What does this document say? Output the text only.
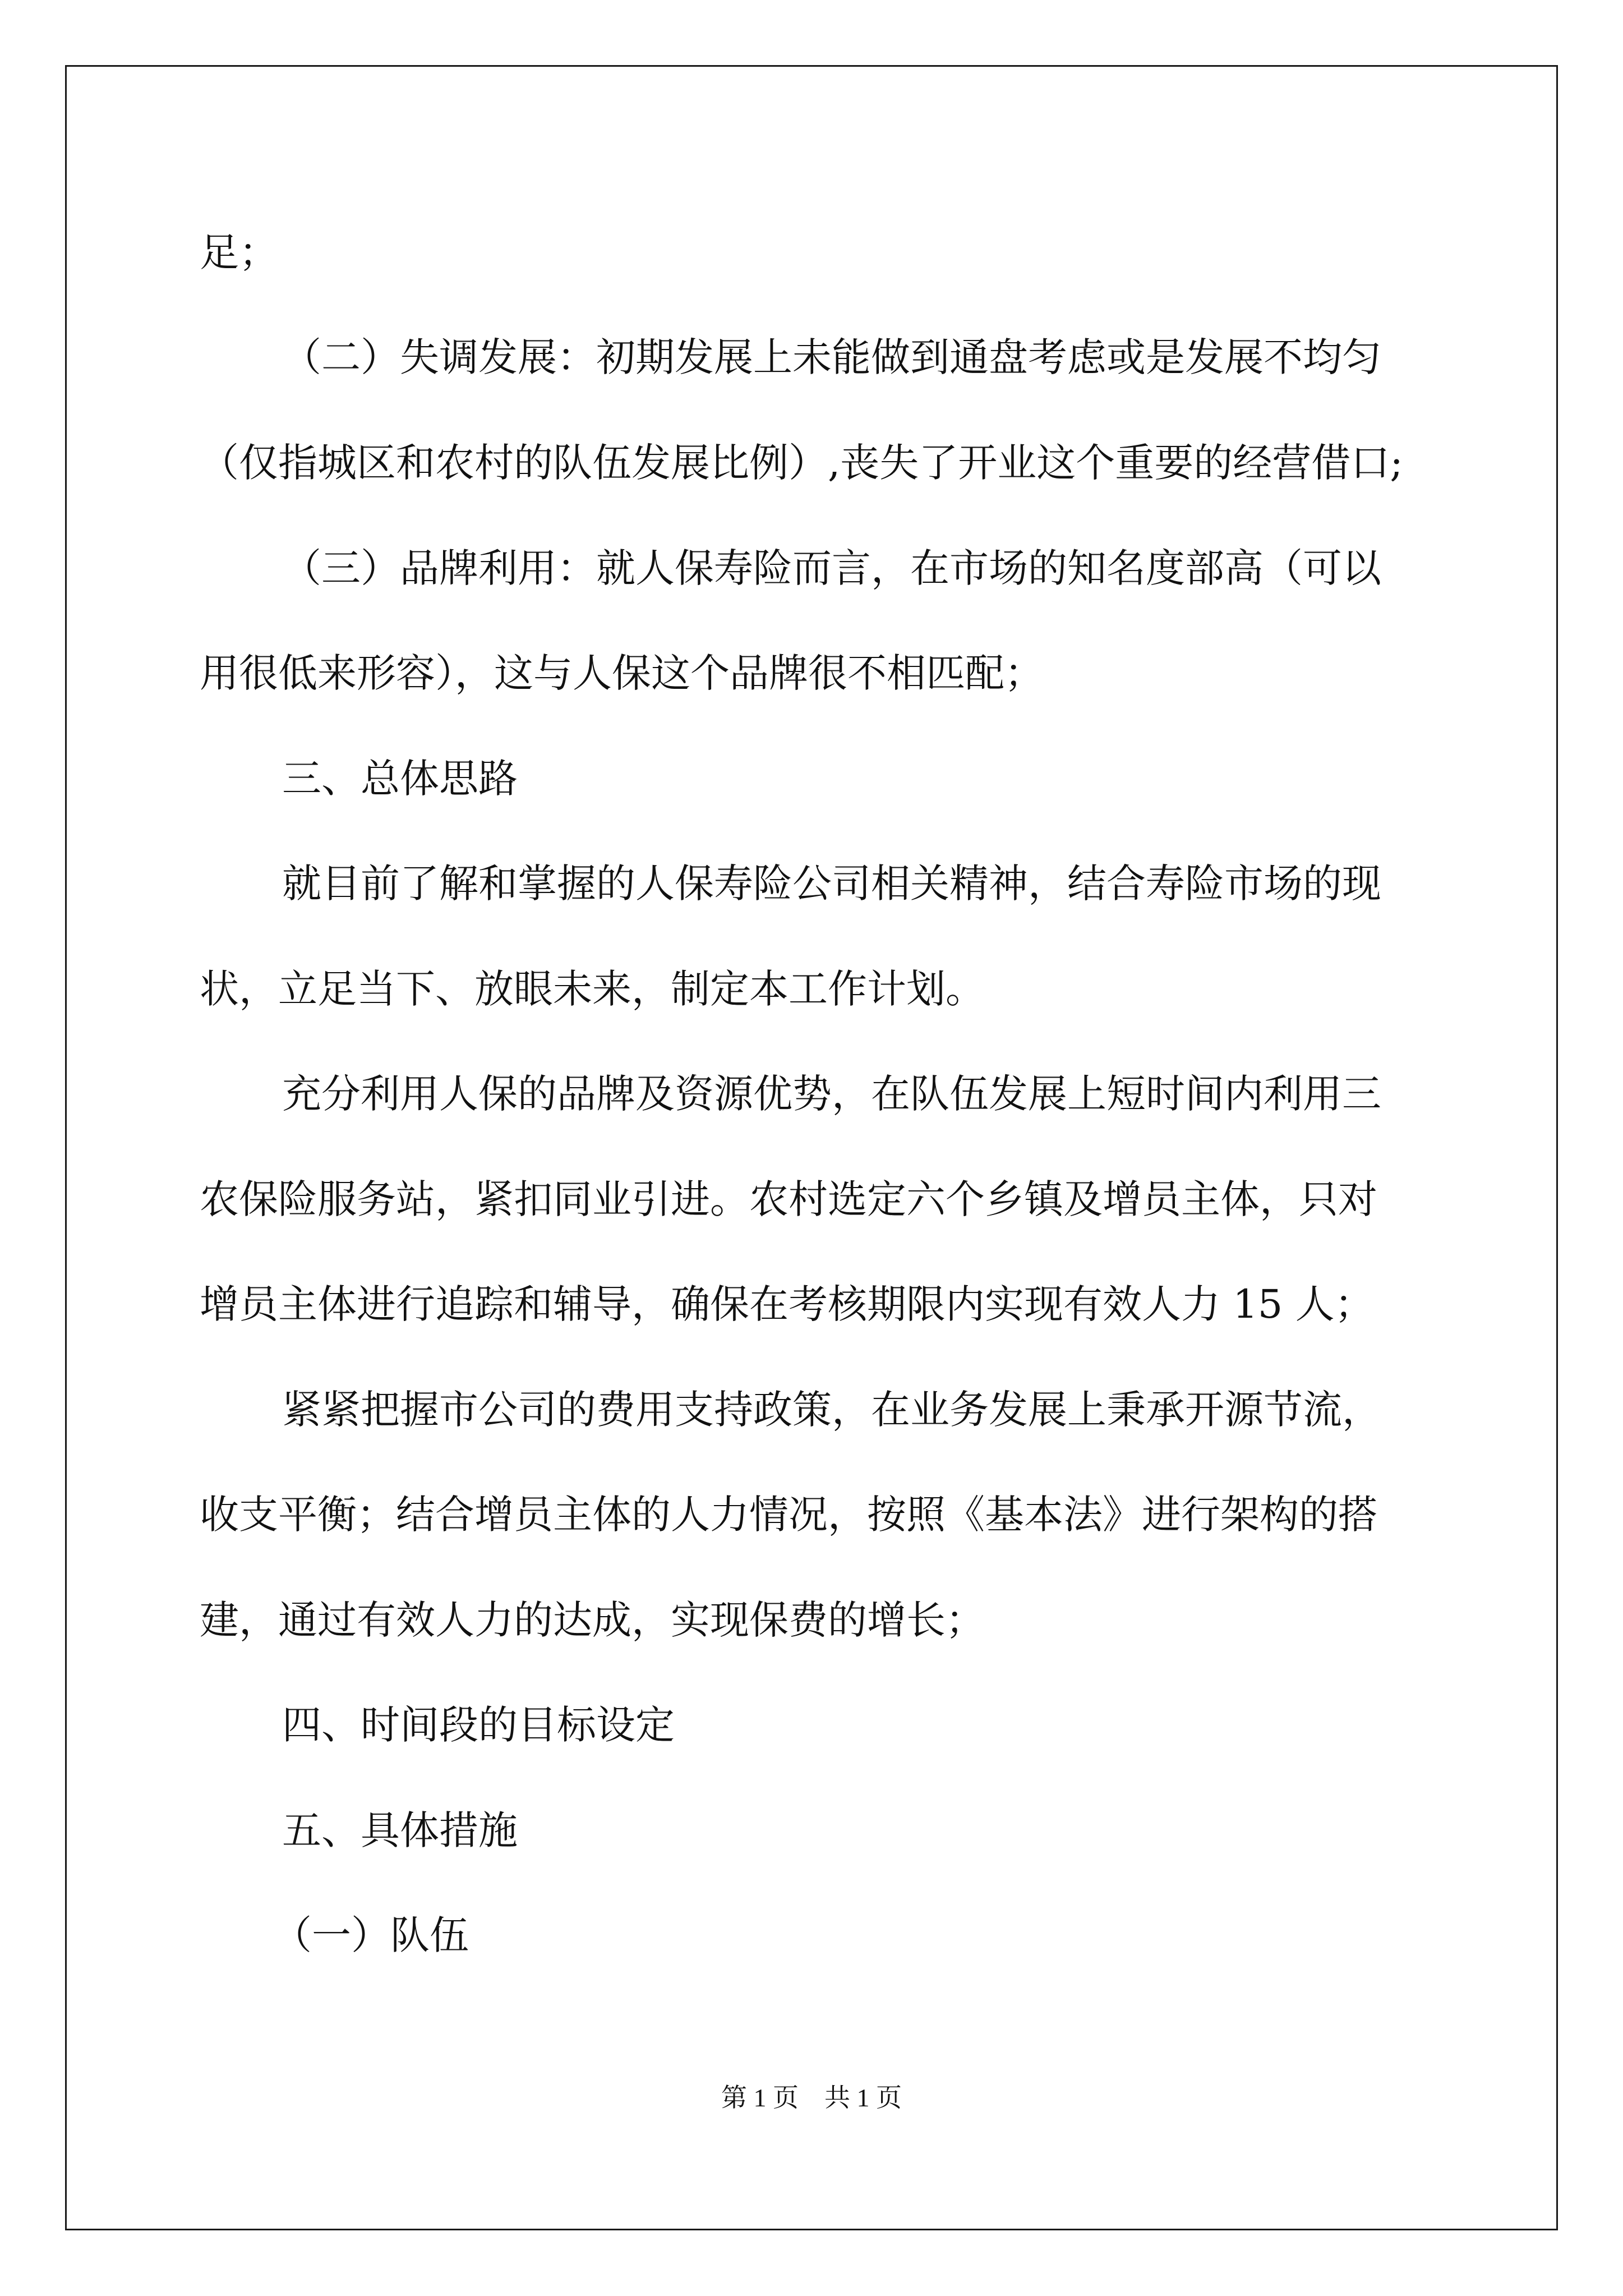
足；
（二）失调发展：初期发展上未能做到通盘考虑或是发展不均匀
（仅指城区和农村的队伍发展比例）,丧失了开业这个重要的经营借口;
（三）品牌利用：就人保寿险而言，在市场的知名度部高（可以
用很低来形容），这与人保这个品牌很不相匹配；
三、总体思路
就目前了解和掌握的人保寿险公司相关精神，结合寿险市场的现
状，立足当下、放眼未来，制定本工作计划。
充分利用人保的品牌及资源优势，在队伍发展上短时间内利用三
农保险服务站，紧扣同业引进。农村选定六个乡镇及增员主体，只对
增员主体进行追踪和辅导，确保在考核期限内实现有效人力 15 人；
紧紧把握市公司的费用支持政策，在业务发展上秉承开源节流，
收支平衡；结合增员主体的人力情况，按照《基本法》进行架构的搭
建，通过有效人力的达成，实现保费的增长；
四、时间段的目标设定
五、具体措施
（一）队伍
第 1 页　共 1 页
